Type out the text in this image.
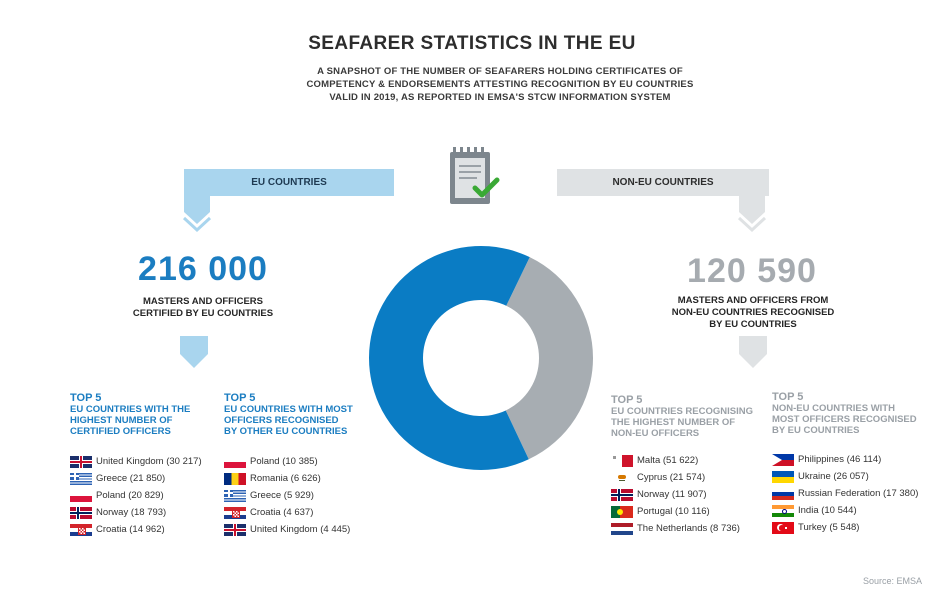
SEAFARER STATISTICS IN THE EU
A SNAPSHOT OF THE NUMBER OF SEAFARERS HOLDING CERTIFICATES OF
COMPETENCY & ENDORSEMENTS ATTESTING RECOGNITION BY EU COUNTRIES
VALID IN 2019, AS REPORTED IN EMSA'S STCW INFORMATION SYSTEM
EU COUNTRIES	NON-EU COUNTRIES
216 000
MASTERS AND OFFICERS
CERTIFIED BY EU COUNTRIES
120 590
MASTERS AND OFFICERS FROM
NON-EU COUNTRIES RECOGNISED
BY EU COUNTRIES
TOP 5
EU COUNTRIES WITH THE
HIGHEST NUMBER OF
CERTIFIED OFFICERS
United Kingdom (30 217)
Greece (21 850)
Poland (20 829)
Norway (18 793)
Croatia (14 962)
TOP 5
EU COUNTRIES WITH MOST
OFFICERS RECOGNISED
BY OTHER EU COUNTRIES
Poland (10 385)
Romania (6 626)
Greece (5 929)
Croatia (4 637)
United Kingdom (4 445)
TOP 5
EU COUNTRIES RECOGNISING
THE HIGHEST NUMBER OF
NON-EU OFFICERS
Malta (51 622)
Cyprus (21 574)
Norway (11 907)
Portugal (10 116)
The Netherlands (8 736)
TOP 5
NON-EU COUNTRIES WITH
MOST OFFICERS RECOGNISED
BY EU COUNTRIES
Philippines (46 114)
Ukraine (26 057)
Russian Federation (17 380)
India (10 544)
Turkey (5 548)
Source: EMSA
